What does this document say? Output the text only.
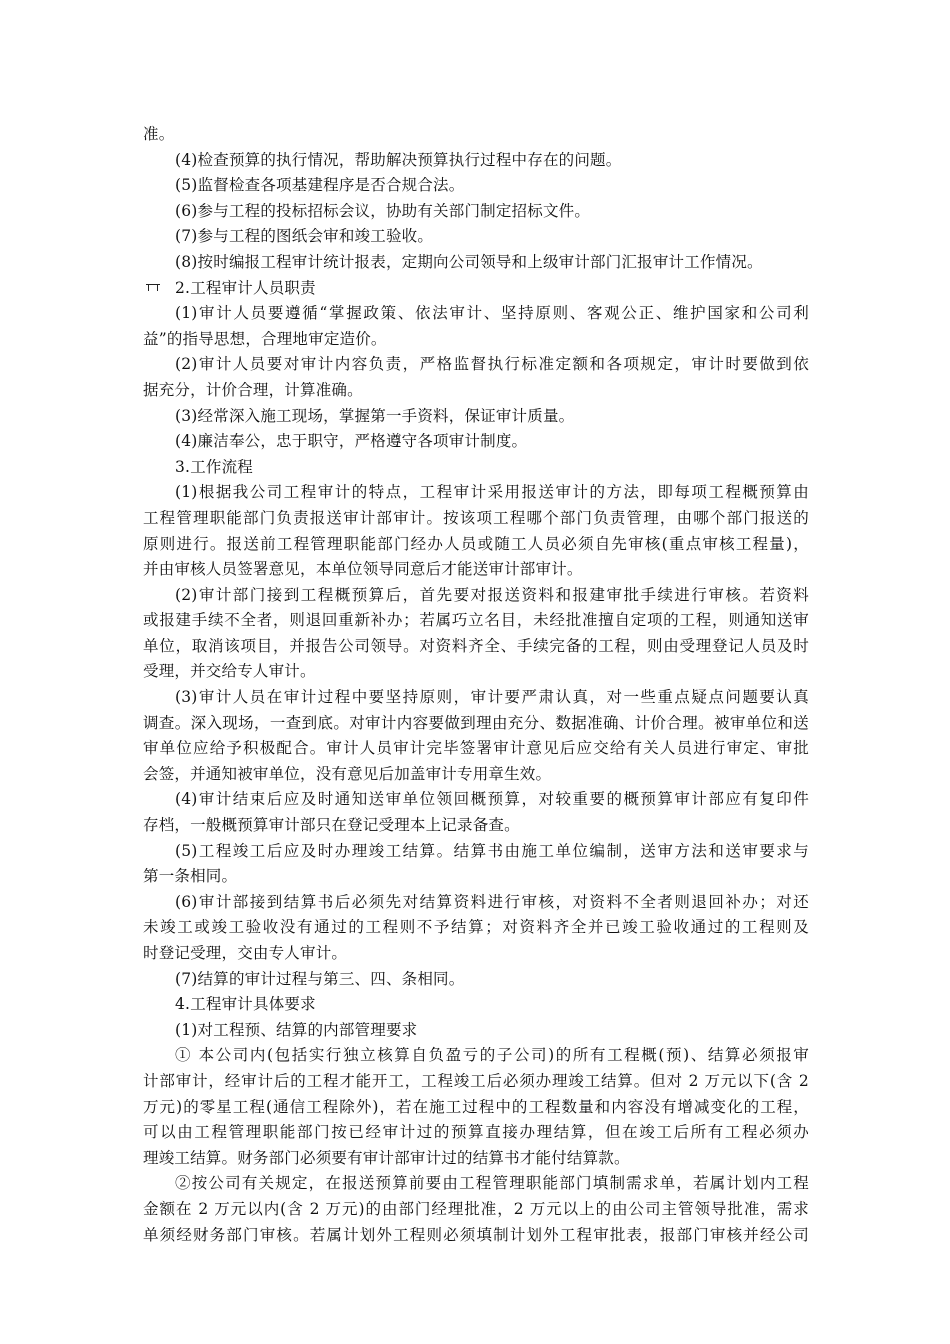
准。
(4)检查预算的执行情况，帮助解决预算执行过程中存在的问题。
(5)监督检查各项基建程序是否合规合法。
(6)参与工程的投标招标会议，协助有关部门制定招标文件。
(7)参与工程的图纸会审和竣工验收。
(8)按时编报工程审计统计报表，定期向公司领导和上级审计部门汇报审计工作情况。
2.工程审计人员职责
(1)审计人员要遵循“掌握政策、依法审计、坚持原则、客观公正、维护国家和公司利
益”的指导思想，合理地审定造价。
(2)审计人员要对审计内容负责，严格监督执行标准定额和各项规定，审计时要做到依
据充分，计价合理，计算准确。
(3)经常深入施工现场，掌握第一手资料，保证审计质量。
(4)廉洁奉公，忠于职守，严格遵守各项审计制度。
3.工作流程
(1)根据我公司工程审计的特点，工程审计采用报送审计的方法，即每项工程概预算由
工程管理职能部门负责报送审计部审计。按该项工程哪个部门负责管理，由哪个部门报送的
原则进行。报送前工程管理职能部门经办人员或随工人员必须自先审核(重点审核工程量)，
并由审核人员签署意见，本单位领导同意后才能送审计部审计。
(2)审计部门接到工程概预算后，首先要对报送资料和报建审批手续进行审核。若资料
或报建手续不全者，则退回重新补办；若属巧立名目，未经批准擅自定项的工程，则通知送审
单位，取消该项目，并报告公司领导。对资料齐全、手续完备的工程，则由受理登记人员及时
受理，并交给专人审计。
(3)审计人员在审计过程中要坚持原则，审计要严肃认真，对一些重点疑点问题要认真
调查。深入现场，一查到底。对审计内容要做到理由充分、数据准确、计价合理。被审单位和送
审单位应给予积极配合。审计人员审计完毕签署审计意见后应交给有关人员进行审定、审批
会签，并通知被审单位，没有意见后加盖审计专用章生效。
(4)审计结束后应及时通知送审单位领回概预算，对较重要的概预算审计部应有复印件
存档，一般概预算审计部只在登记受理本上记录备查。
(5)工程竣工后应及时办理竣工结算。结算书由施工单位编制，送审方法和送审要求与
第一条相同。
(6)审计部接到结算书后必须先对结算资料进行审核，对资料不全者则退回补办；对还
未竣工或竣工验收没有通过的工程则不予结算；对资料齐全并已竣工验收通过的工程则及
时登记受理，交由专人审计。
(7)结算的审计过程与第三、四、条相同。
4.工程审计具体要求
(1)对工程预、结算的内部管理要求
① 本公司内(包括实行独立核算自负盈亏的子公司)的所有工程概(预)、结算必须报审
计部审计，经审计后的工程才能开工，工程竣工后必须办理竣工结算。但对 2 万元以下(含 2
万元)的零星工程(通信工程除外)，若在施工过程中的工程数量和内容没有增减变化的工程，
可以由工程管理职能部门按已经审计过的预算直接办理结算，但在竣工后所有工程必须办
理竣工结算。财务部门必须要有审计部审计过的结算书才能付结算款。
②按公司有关规定，在报送预算前要由工程管理职能部门填制需求单，若属计划内工程
金额在 2 万元以内(含 2 万元)的由部门经理批准，2 万元以上的由公司主管领导批准，需求
单须经财务部门审核。若属计划外工程则必须填制计划外工程审批表，报部门审核并经公司
